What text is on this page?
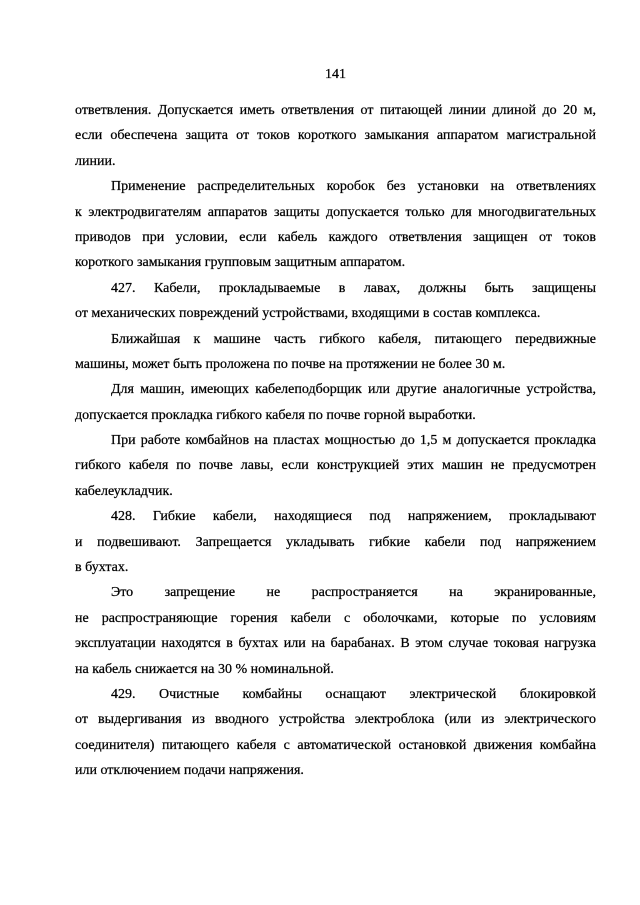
141
ответвления. Допускается иметь ответвления от питающей линии длиной до 20 м,
если обеспечена защита от токов короткого замыкания аппаратом магистральной
линии.
Применение распределительных коробок без установки на ответвлениях
к электродвигателям аппаратов защиты допускается только для многодвигательных
приводов при условии, если кабель каждого ответвления защищен от токов
короткого замыкания групповым защитным аппаратом.
427. Кабели, прокладываемые в лавах, должны быть защищены
от механических повреждений устройствами, входящими в состав комплекса.
Ближайшая к машине часть гибкого кабеля, питающего передвижные
машины, может быть проложена по почве на протяжении не более 30 м.
Для машин, имеющих кабелеподборщик или другие аналогичные устройства,
допускается прокладка гибкого кабеля по почве горной выработки.
При работе комбайнов на пластах мощностью до 1,5 м допускается прокладка
гибкого кабеля по почве лавы, если конструкцией этих машин не предусмотрен
кабелеукладчик.
428. Гибкие кабели, находящиеся под напряжением, прокладывают
и подвешивают. Запрещается укладывать гибкие кабели под напряжением
в бухтах.
Это запрещение не распространяется на экранированные,
не распространяющие горения кабели с оболочками, которые по условиям
эксплуатации находятся в бухтах или на барабанах. В этом случае токовая нагрузка
на кабель снижается на 30 % номинальной.
429. Очистные комбайны оснащают электрической блокировкой
от выдергивания из вводного устройства электроблока (или из электрического
соединителя) питающего кабеля с автоматической остановкой движения комбайна
или отключением подачи напряжения.
